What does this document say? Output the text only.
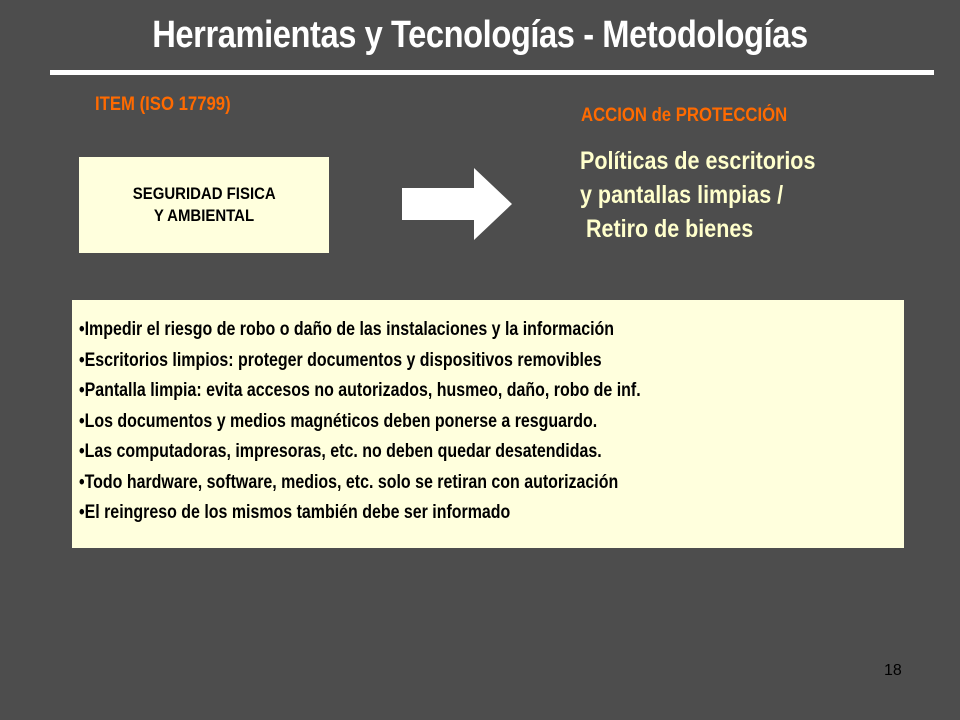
Herramientas y Tecnologías - Metodologías
ITEM (ISO 17799)
ACCION de PROTECCIÓN
SEGURIDAD FISICA
Y AMBIENTAL
Políticas de escritorios
y pantallas limpias /
Retiro de bienes
•Impedir el riesgo de robo o daño de las instalaciones y la información
•Escritorios limpios: proteger documentos y dispositivos removibles
•Pantalla limpia: evita accesos no autorizados, husmeo, daño, robo de inf.
•Los documentos y medios magnéticos deben ponerse a resguardo.
•Las computadoras, impresoras, etc. no deben quedar desatendidas.
•Todo hardware, software, medios, etc. solo se retiran con autorización
•El reingreso de los mismos también debe ser informado
18
